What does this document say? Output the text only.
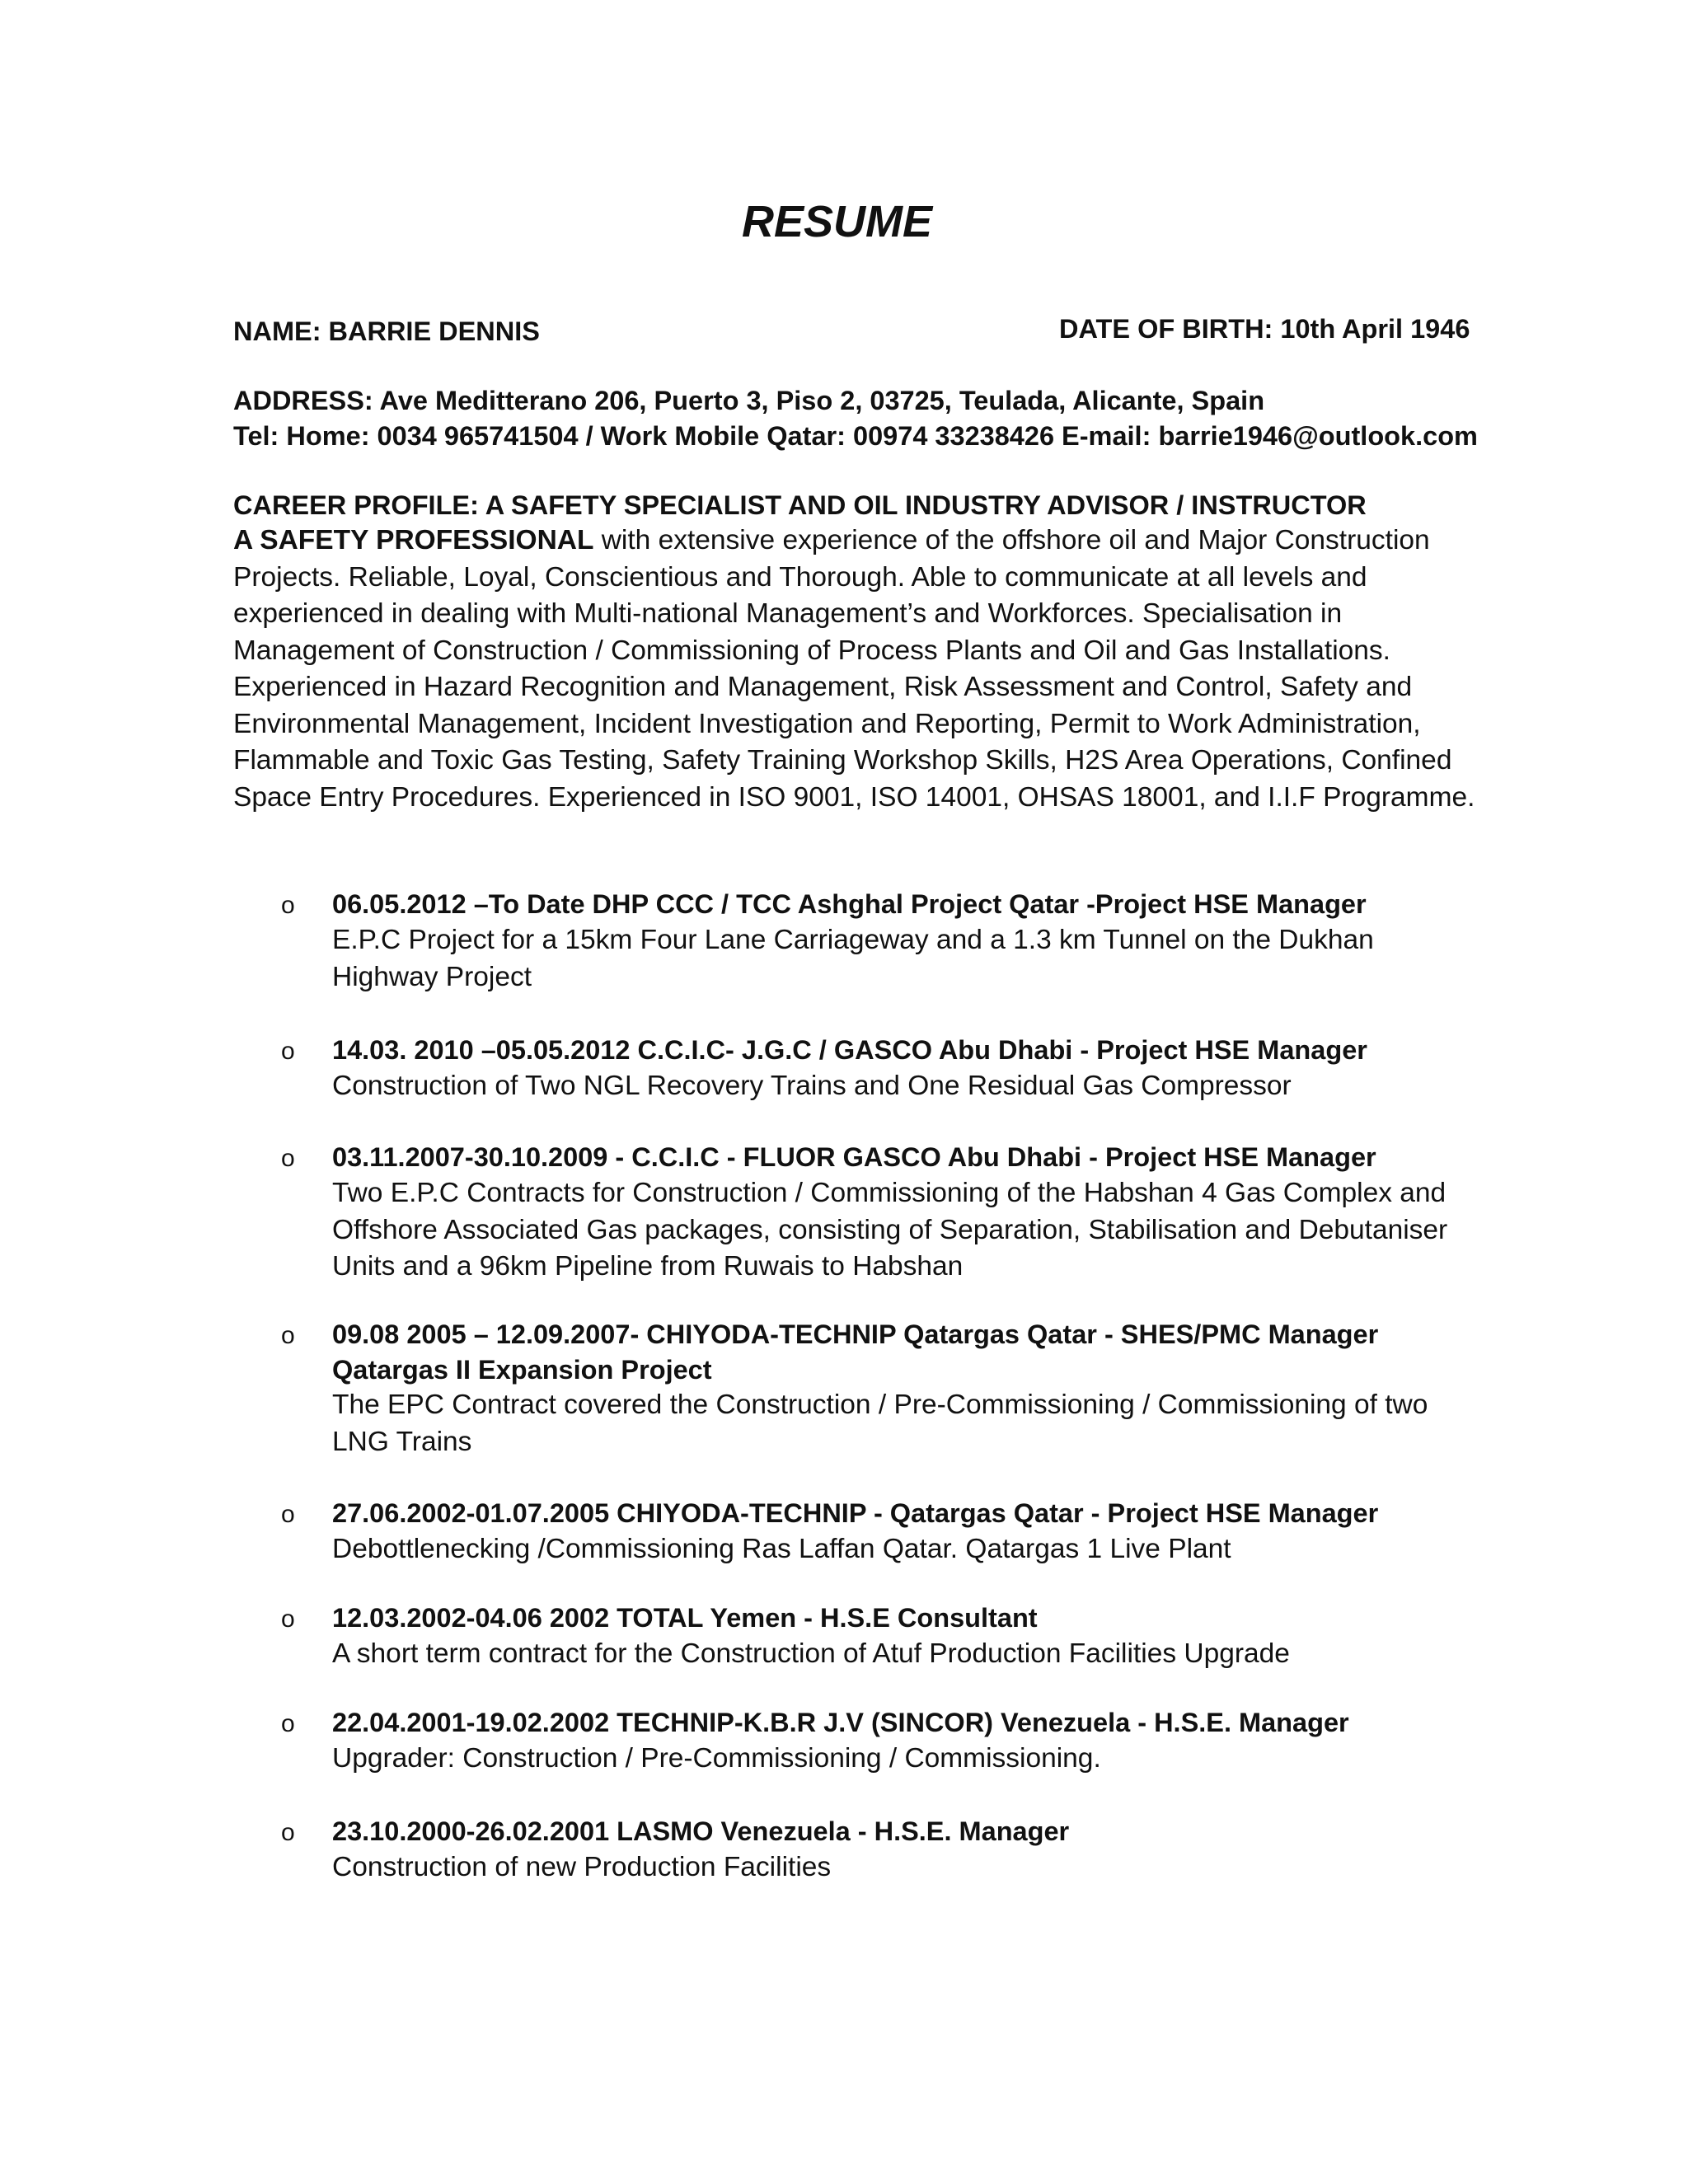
RESUME
NAME: BARRIE DENNIS	DATE OF BIRTH: 10th April 1946
ADDRESS: Ave Meditterano 206, Puerto 3, Piso 2, 03725, Teulada, Alicante, Spain
Tel: Home: 0034 965741504 / Work Mobile Qatar: 00974 33238426 E-mail: barrie1946@outlook.com
CAREER PROFILE: A SAFETY SPECIALIST AND OIL INDUSTRY ADVISOR / INSTRUCTOR
A SAFETY PROFESSIONAL with extensive experience of the offshore oil and Major Construction
Projects. Reliable, Loyal, Conscientious and Thorough. Able to communicate at all levels and
experienced in dealing with Multi-national Management’s and Workforces. Specialisation in
Management of Construction / Commissioning of Process Plants and Oil and Gas Installations.
Experienced in Hazard Recognition and Management, Risk Assessment and Control, Safety and
Environmental Management, Incident Investigation and Reporting, Permit to Work Administration,
Flammable and Toxic Gas Testing, Safety Training Workshop Skills, H2S Area Operations, Confined
Space Entry Procedures. Experienced in ISO 9001, ISO 14001, OHSAS 18001, and I.I.F Programme.
o 06.05.2012 –To Date DHP CCC / TCC Ashghal Project Qatar -Project HSE Manager
E.P.C Project for a 15km Four Lane Carriageway and a 1.3 km Tunnel on the Dukhan
Highway Project
o 14.03. 2010 –05.05.2012 C.C.I.C- J.G.C / GASCO Abu Dhabi - Project HSE Manager
Construction of Two NGL Recovery Trains and One Residual Gas Compressor
o 03.11.2007-30.10.2009 - C.C.I.C - FLUOR GASCO Abu Dhabi - Project HSE Manager
Two E.P.C Contracts for Construction / Commissioning of the Habshan 4 Gas Complex and
Offshore Associated Gas packages, consisting of Separation, Stabilisation and Debutaniser
Units and a 96km Pipeline from Ruwais to Habshan
o 09.08 2005 – 12.09.2007- CHIYODA-TECHNIP Qatargas Qatar - SHES/PMC Manager
Qatargas II Expansion Project
The EPC Contract covered the Construction / Pre-Commissioning / Commissioning of two
LNG Trains
o 27.06.2002-01.07.2005 CHIYODA-TECHNIP - Qatargas Qatar - Project HSE Manager
Debottlenecking /Commissioning Ras Laffan Qatar. Qatargas 1 Live Plant
o 12.03.2002-04.06 2002 TOTAL Yemen - H.S.E Consultant
A short term contract for the Construction of Atuf Production Facilities Upgrade
o 22.04.2001-19.02.2002 TECHNIP-K.B.R J.V (SINCOR) Venezuela - H.S.E. Manager
Upgrader: Construction / Pre-Commissioning / Commissioning.
o 23.10.2000-26.02.2001 LASMO Venezuela - H.S.E. Manager
Construction of new Production Facilities
